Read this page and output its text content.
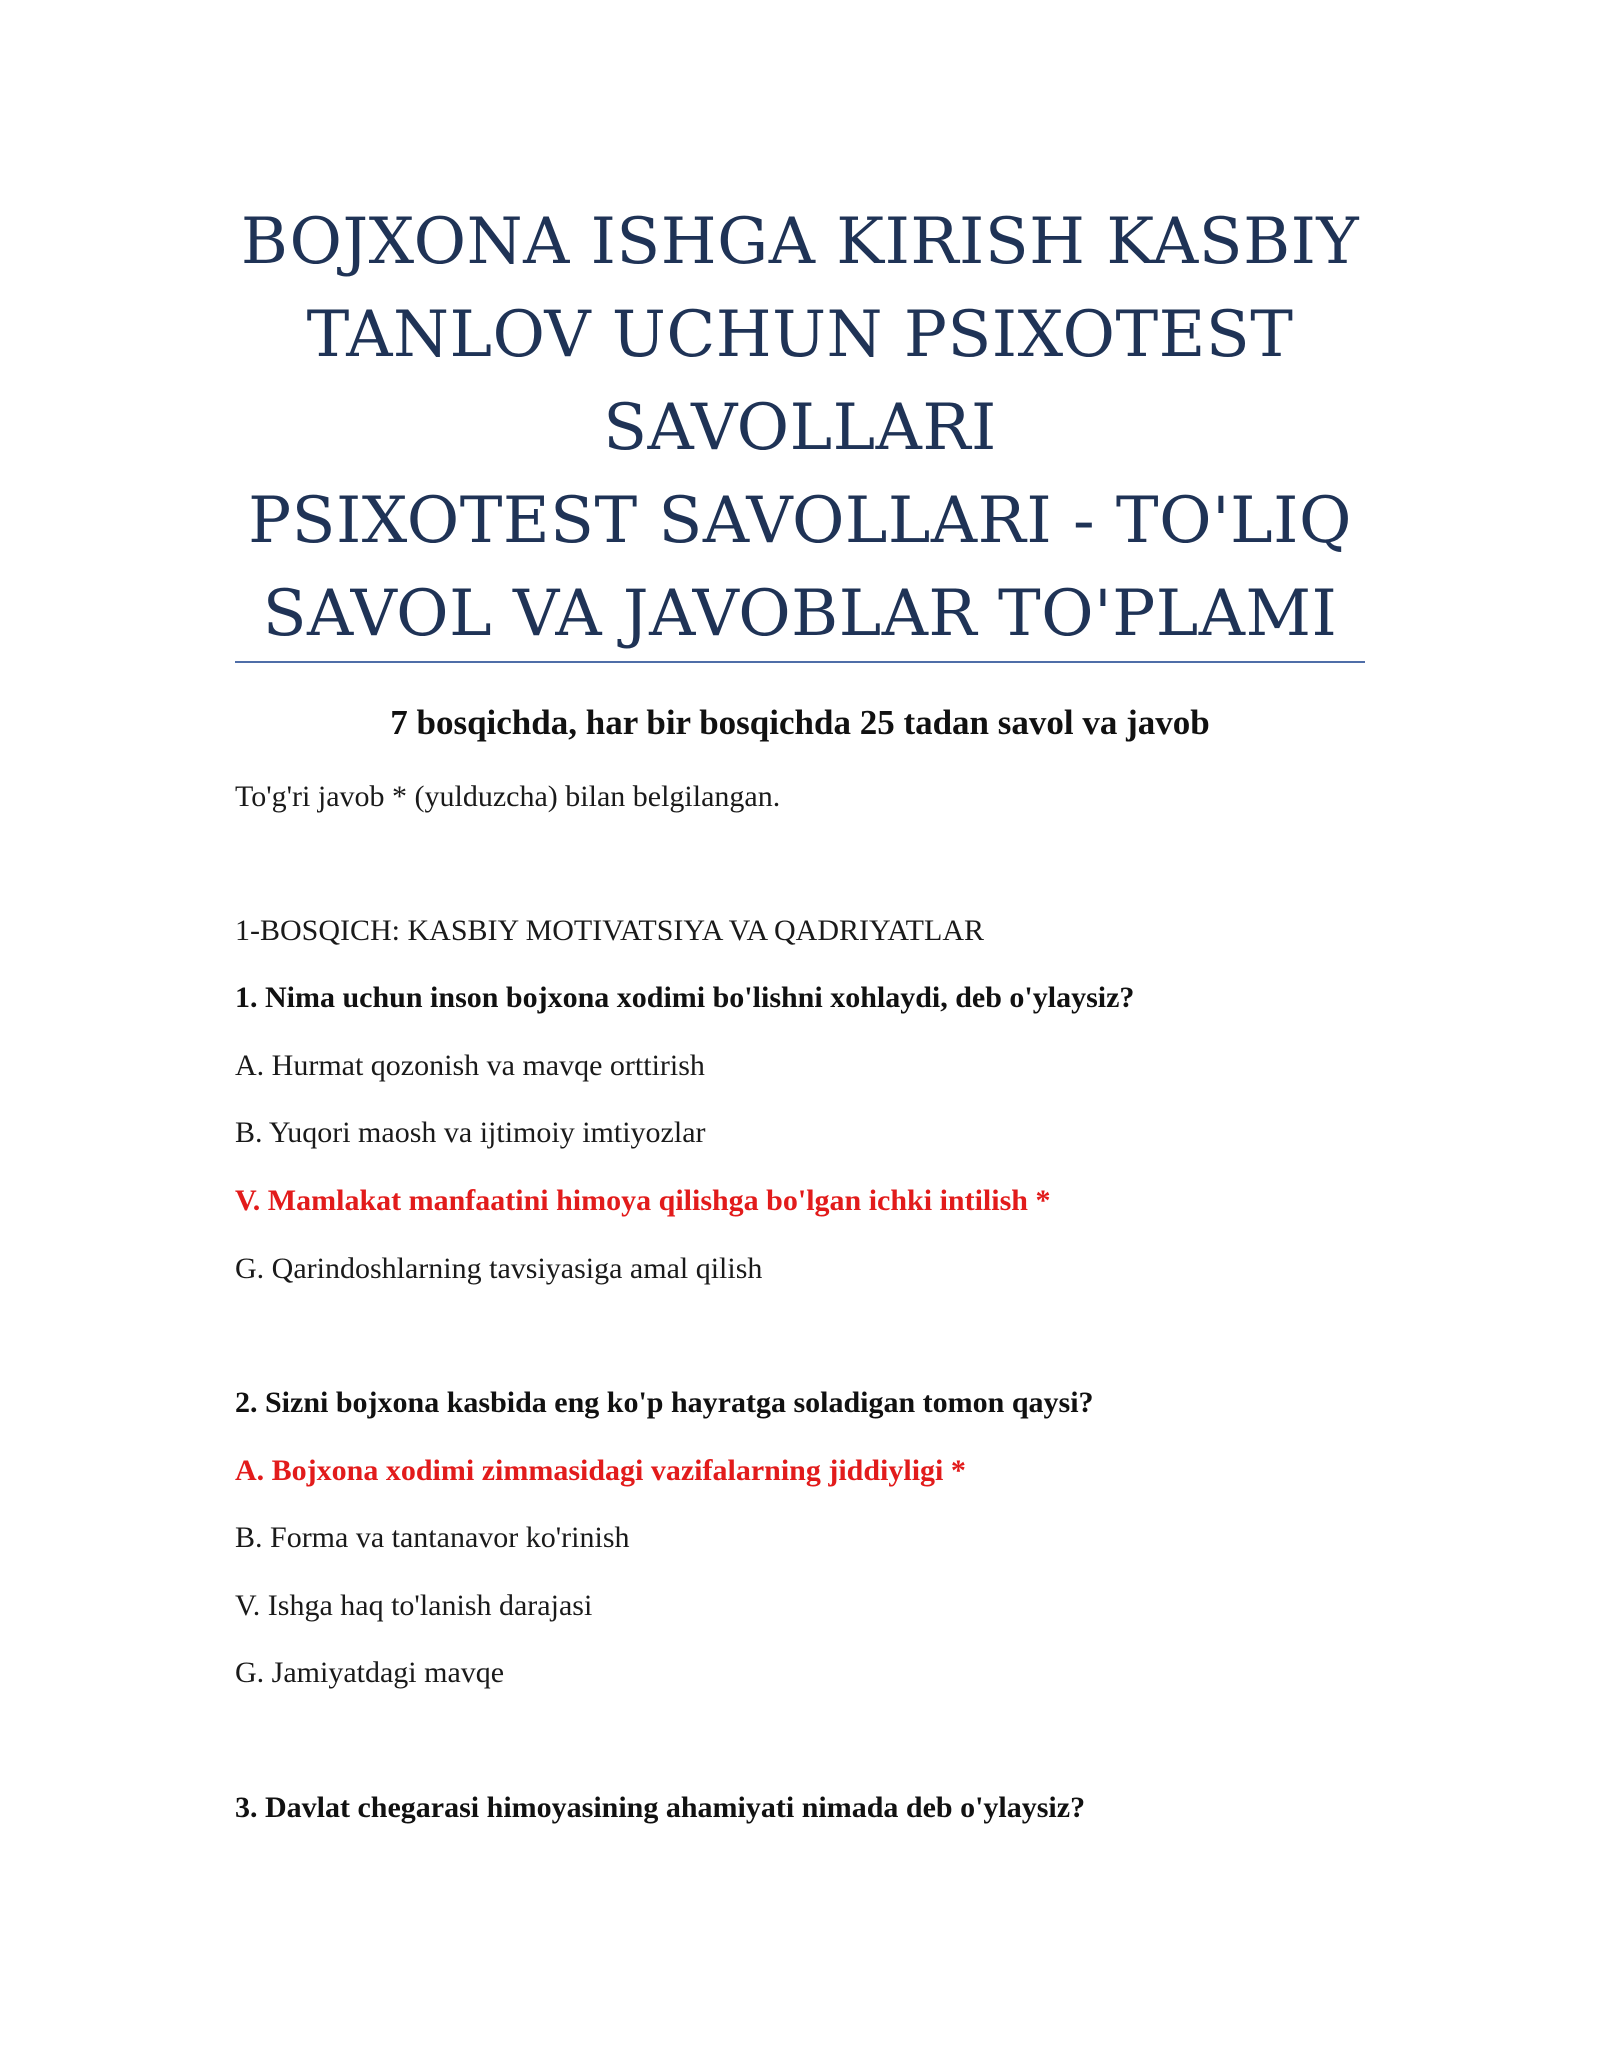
BOJXONA ISHGA KIRISH KASBIY
TANLOV UCHUN PSIXOTEST
SAVOLLARI
PSIXOTEST SAVOLLARI - TO'LIQ
SAVOL VA JAVOBLAR TO'PLAMI

7 bosqichda, har bir bosqichda 25 tadan savol va javob

To'g'ri javob * (yulduzcha) bilan belgilangan.

1-BOSQICH: KASBIY MOTIVATSIYA VA QADRIYATLAR

1. Nima uchun inson bojxona xodimi bo'lishni xohlaydi, deb o'ylaysiz?

A. Hurmat qozonish va mavqe orttirish

B. Yuqori maosh va ijtimoiy imtiyozlar

V. Mamlakat manfaatini himoya qilishga bo'lgan ichki intilish *

G. Qarindoshlarning tavsiyasiga amal qilish

2. Sizni bojxona kasbida eng ko'p hayratga soladigan tomon qaysi?

A. Bojxona xodimi zimmasidagi vazifalarning jiddiyligi *

B. Forma va tantanavor ko'rinish

V. Ishga haq to'lanish darajasi

G. Jamiyatdagi mavqe

3. Davlat chegarasi himoyasining ahamiyati nimada deb o'ylaysiz?
